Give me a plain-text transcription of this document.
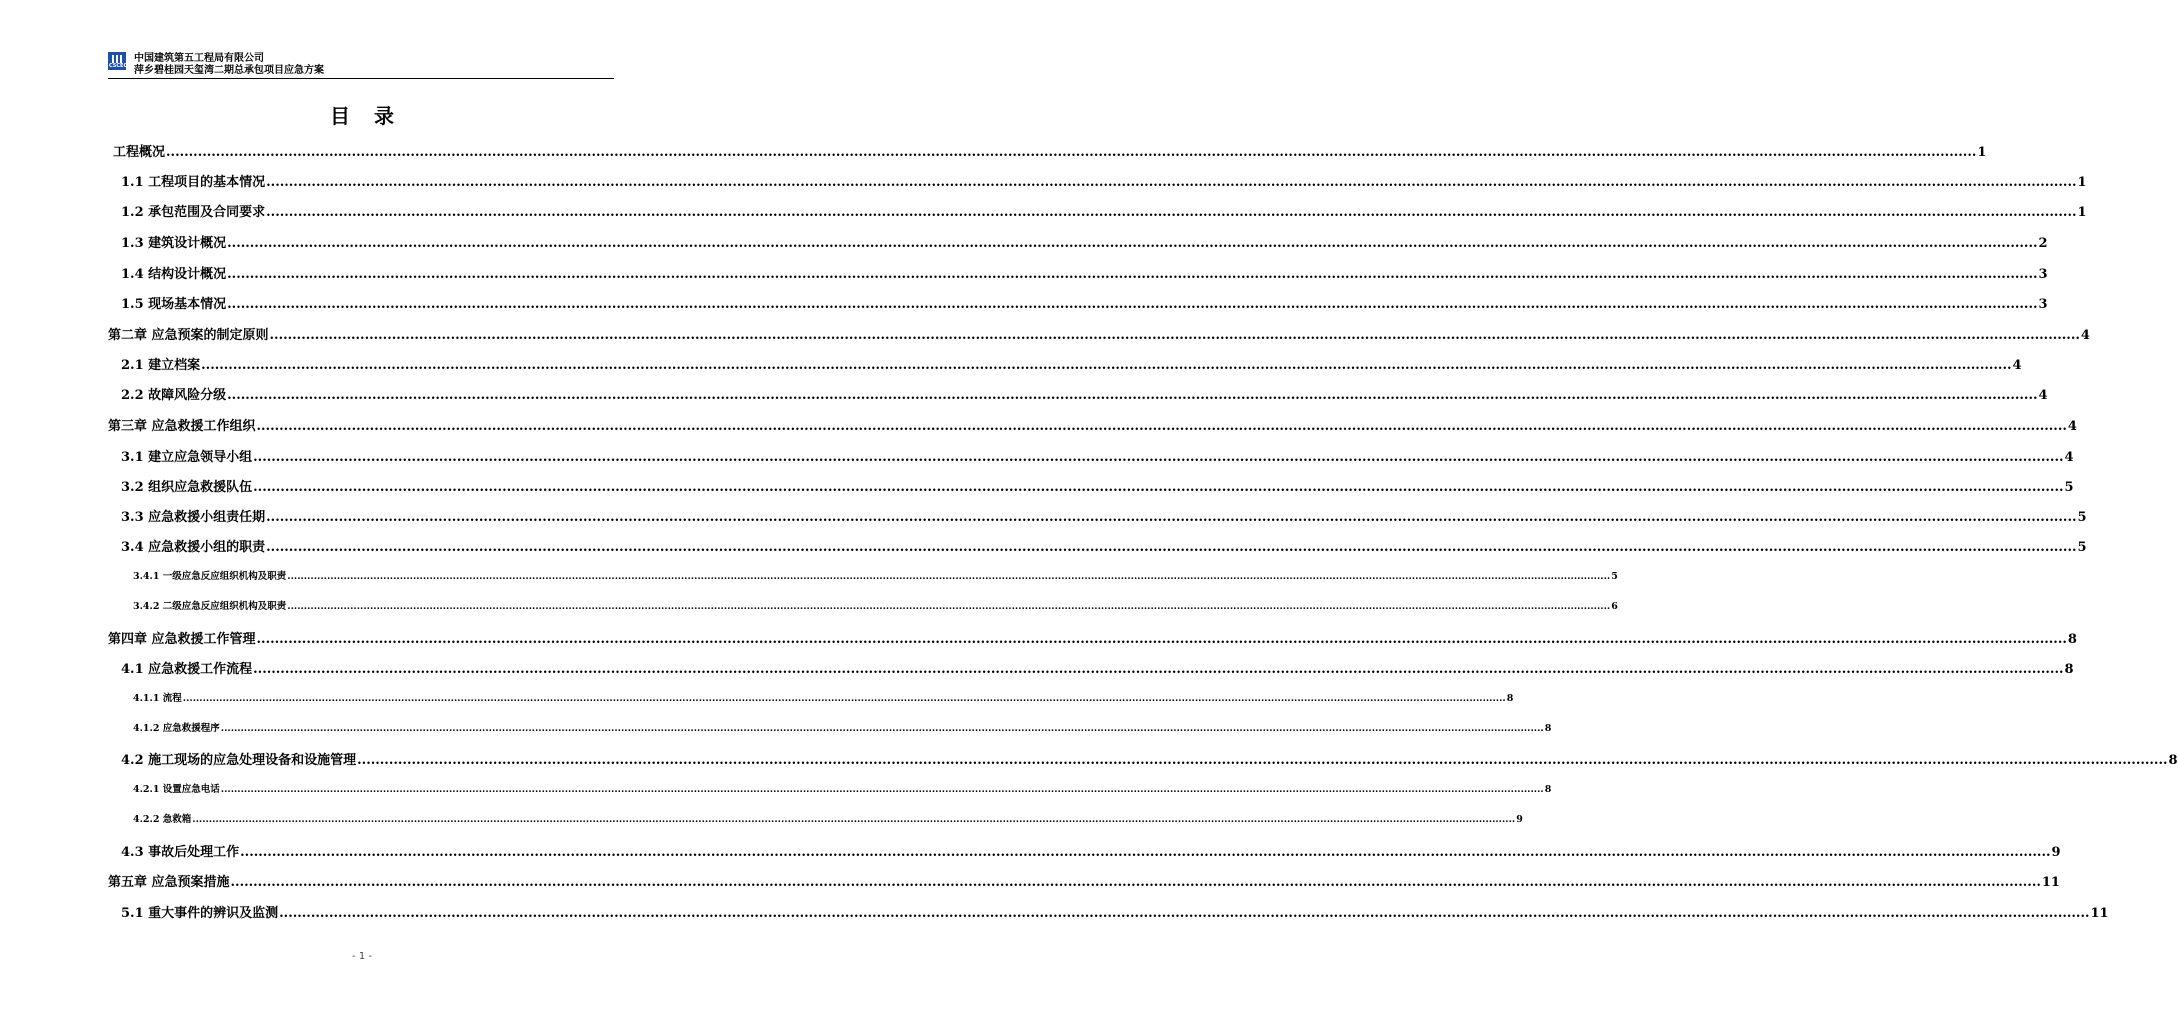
CSCEC
中国建筑第五工程局有限公司
萍乡碧桂园天玺湾二期总承包项目应急方案
目录
工程概况 ................................................................................................................................................................................................................................................................................................................................................................................................................ 1
1.1 工程项目的基本情况 ................................................................................................................................................................................................................................................................................................................................................................................................................ 1
1.2 承包范围及合同要求 ................................................................................................................................................................................................................................................................................................................................................................................................................ 1
1.3 建筑设计概况 ................................................................................................................................................................................................................................................................................................................................................................................................................ 2
1.4 结构设计概况 ................................................................................................................................................................................................................................................................................................................................................................................................................ 3
1.5 现场基本情况 ................................................................................................................................................................................................................................................................................................................................................................................................................ 3
第二章 应急预案的制定原则 ................................................................................................................................................................................................................................................................................................................................................................................................................ 4
2.1 建立档案 ................................................................................................................................................................................................................................................................................................................................................................................................................ 4
2.2 故障风险分级 ................................................................................................................................................................................................................................................................................................................................................................................................................ 4
第三章 应急救援工作组织 ................................................................................................................................................................................................................................................................................................................................................................................................................ 4
3.1 建立应急领导小组 ................................................................................................................................................................................................................................................................................................................................................................................................................ 4
3.2 组织应急救援队伍 ................................................................................................................................................................................................................................................................................................................................................................................................................ 5
3.3 应急救援小组责任期 ................................................................................................................................................................................................................................................................................................................................................................................................................ 5
3.4 应急救援小组的职责 ................................................................................................................................................................................................................................................................................................................................................................................................................ 5
3.4.1 一级应急反应组织机构及职责 ................................................................................................................................................................................................................................................................................................................................................................................................................ 5
3.4.2 二级应急反应组织机构及职责 ................................................................................................................................................................................................................................................................................................................................................................................................................ 6
第四章 应急救援工作管理 ................................................................................................................................................................................................................................................................................................................................................................................................................ 8
4.1 应急救援工作流程 ................................................................................................................................................................................................................................................................................................................................................................................................................ 8
4.1.1 流程 ................................................................................................................................................................................................................................................................................................................................................................................................................ 8
4.1.2 应急救援程序 ................................................................................................................................................................................................................................................................................................................................................................................................................ 8
4.2 施工现场的应急处理设备和设施管理 ................................................................................................................................................................................................................................................................................................................................................................................................................ 8
4.2.1 设置应急电话 ................................................................................................................................................................................................................................................................................................................................................................................................................ 8
4.2.2 急救箱 ................................................................................................................................................................................................................................................................................................................................................................................................................ 9
4.3 事故后处理工作 ................................................................................................................................................................................................................................................................................................................................................................................................................ 9
第五章 应急预案措施 ................................................................................................................................................................................................................................................................................................................................................................................................................ 11
5.1 重大事件的辨识及监测 ................................................................................................................................................................................................................................................................................................................................................................................................................ 11
- 1 -
